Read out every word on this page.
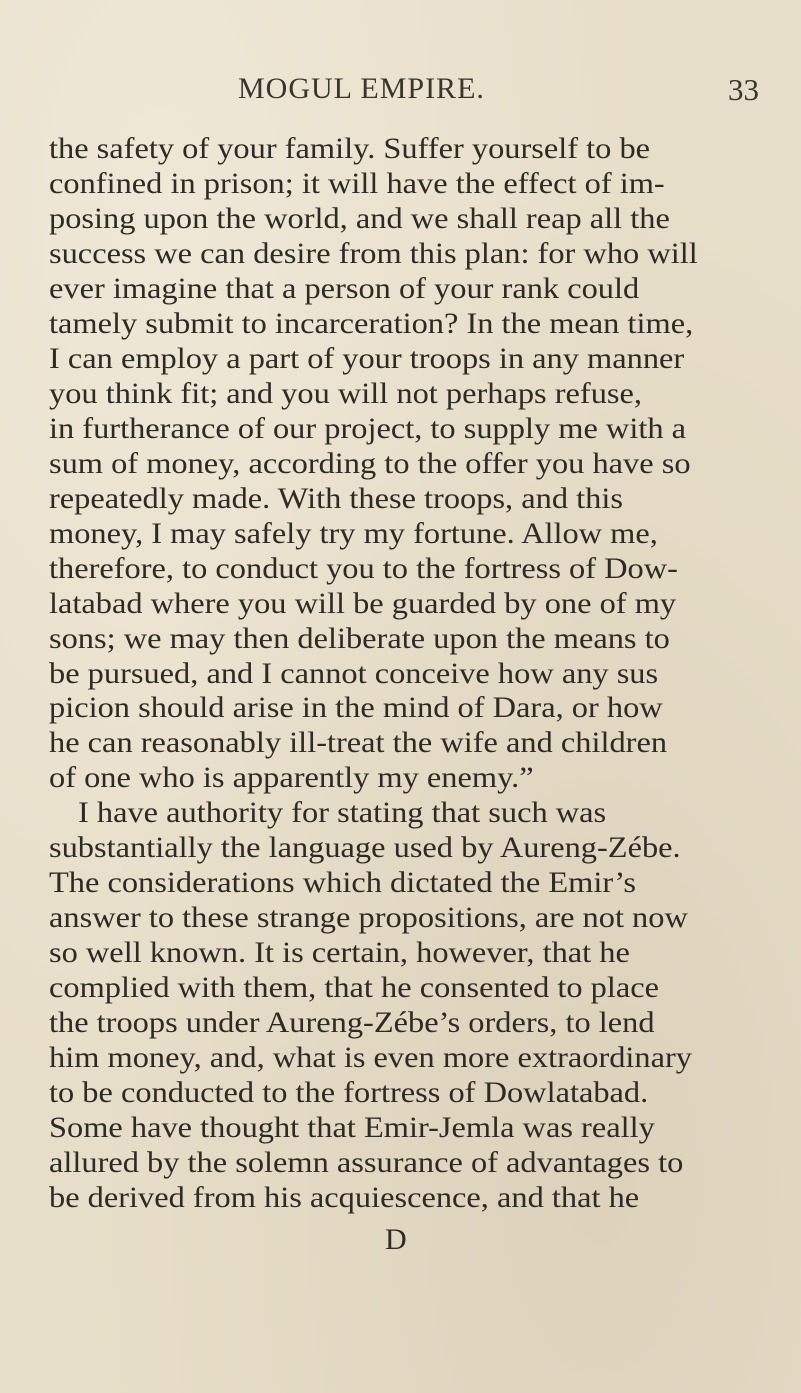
MOGUL EMPIRE.	33
the safety of your family. Suffer yourself to be
confined in prison; it will have the effect of im-
posing upon the world, and we shall reap all the
success we can desire from this plan: for who will
ever imagine that a person of your rank could
tamely submit to incarceration? In the mean time,
I can employ a part of your troops in any manner
you think fit; and you will not perhaps refuse,
in furtherance of our project, to supply me with a
sum of money, according to the offer you have so
repeatedly made. With these troops, and this
money, I may safely try my fortune. Allow me,
therefore, to conduct you to the fortress of Dow-
latabad where you will be guarded by one of my
sons; we may then deliberate upon the means to
be pursued, and I cannot conceive how any sus
picion should arise in the mind of Dara, or how
he can reasonably ill-treat the wife and children
of one who is apparently my enemy.”
I have authority for stating that such was
substantially the language used by Aureng-Zébe.
The considerations which dictated the Emir’s
answer to these strange propositions, are not now
so well known. It is certain, however, that he
complied with them, that he consented to place
the troops under Aureng-Zébe’s orders, to lend
him money, and, what is even more extraordinary
to be conducted to the fortress of Dowlatabad.
Some have thought that Emir-Jemla was really
allured by the solemn assurance of advantages to
be derived from his acquiescence, and that he
D
